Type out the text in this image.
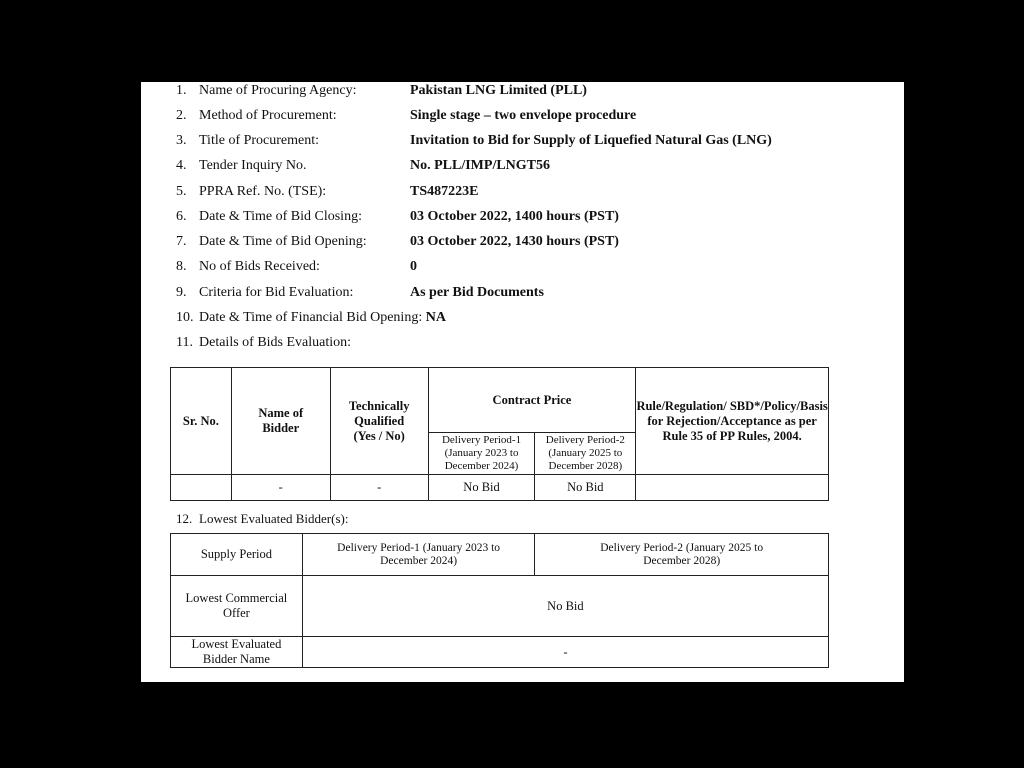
1. Name of Procuring Agency:	Pakistan LNG Limited (PLL)
2. Method of Procurement:	Single stage – two envelope procedure
3. Title of Procurement:	Invitation to Bid for Supply of Liquefied Natural Gas (LNG)
4. Tender Inquiry No.	No. PLL/IMP/LNGT56
5. PPRA Ref. No. (TSE):	TS487223E
6. Date & Time of Bid Closing:	03 October 2022, 1400 hours (PST)
7. Date & Time of Bid Opening:	03 October 2022, 1430 hours (PST)
8. No of Bids Received:	0
9. Criteria for Bid Evaluation:	As per Bid Documents
10. Date & Time of Financial Bid Opening: NA
11. Details of Bids Evaluation:
Sr. No.	Name of Bidder	Technically Qualified (Yes / No)	Contract Price		Rule/Regulation/ SBD*/Policy/Basis for Rejection/Acceptance as per Rule 35 of PP Rules, 2004.
			Delivery Period-1 (January 2023 to December 2024)	Delivery Period-2 (January 2025 to December 2028)	
	-	-	No Bid	No Bid	
12. Lowest Evaluated Bidder(s):
Supply Period	Delivery Period-1 (January 2023 to December 2024)	Delivery Period-2 (January 2025 to December 2028)
Lowest Commercial Offer	No Bid	
Lowest Evaluated Bidder Name	-	
